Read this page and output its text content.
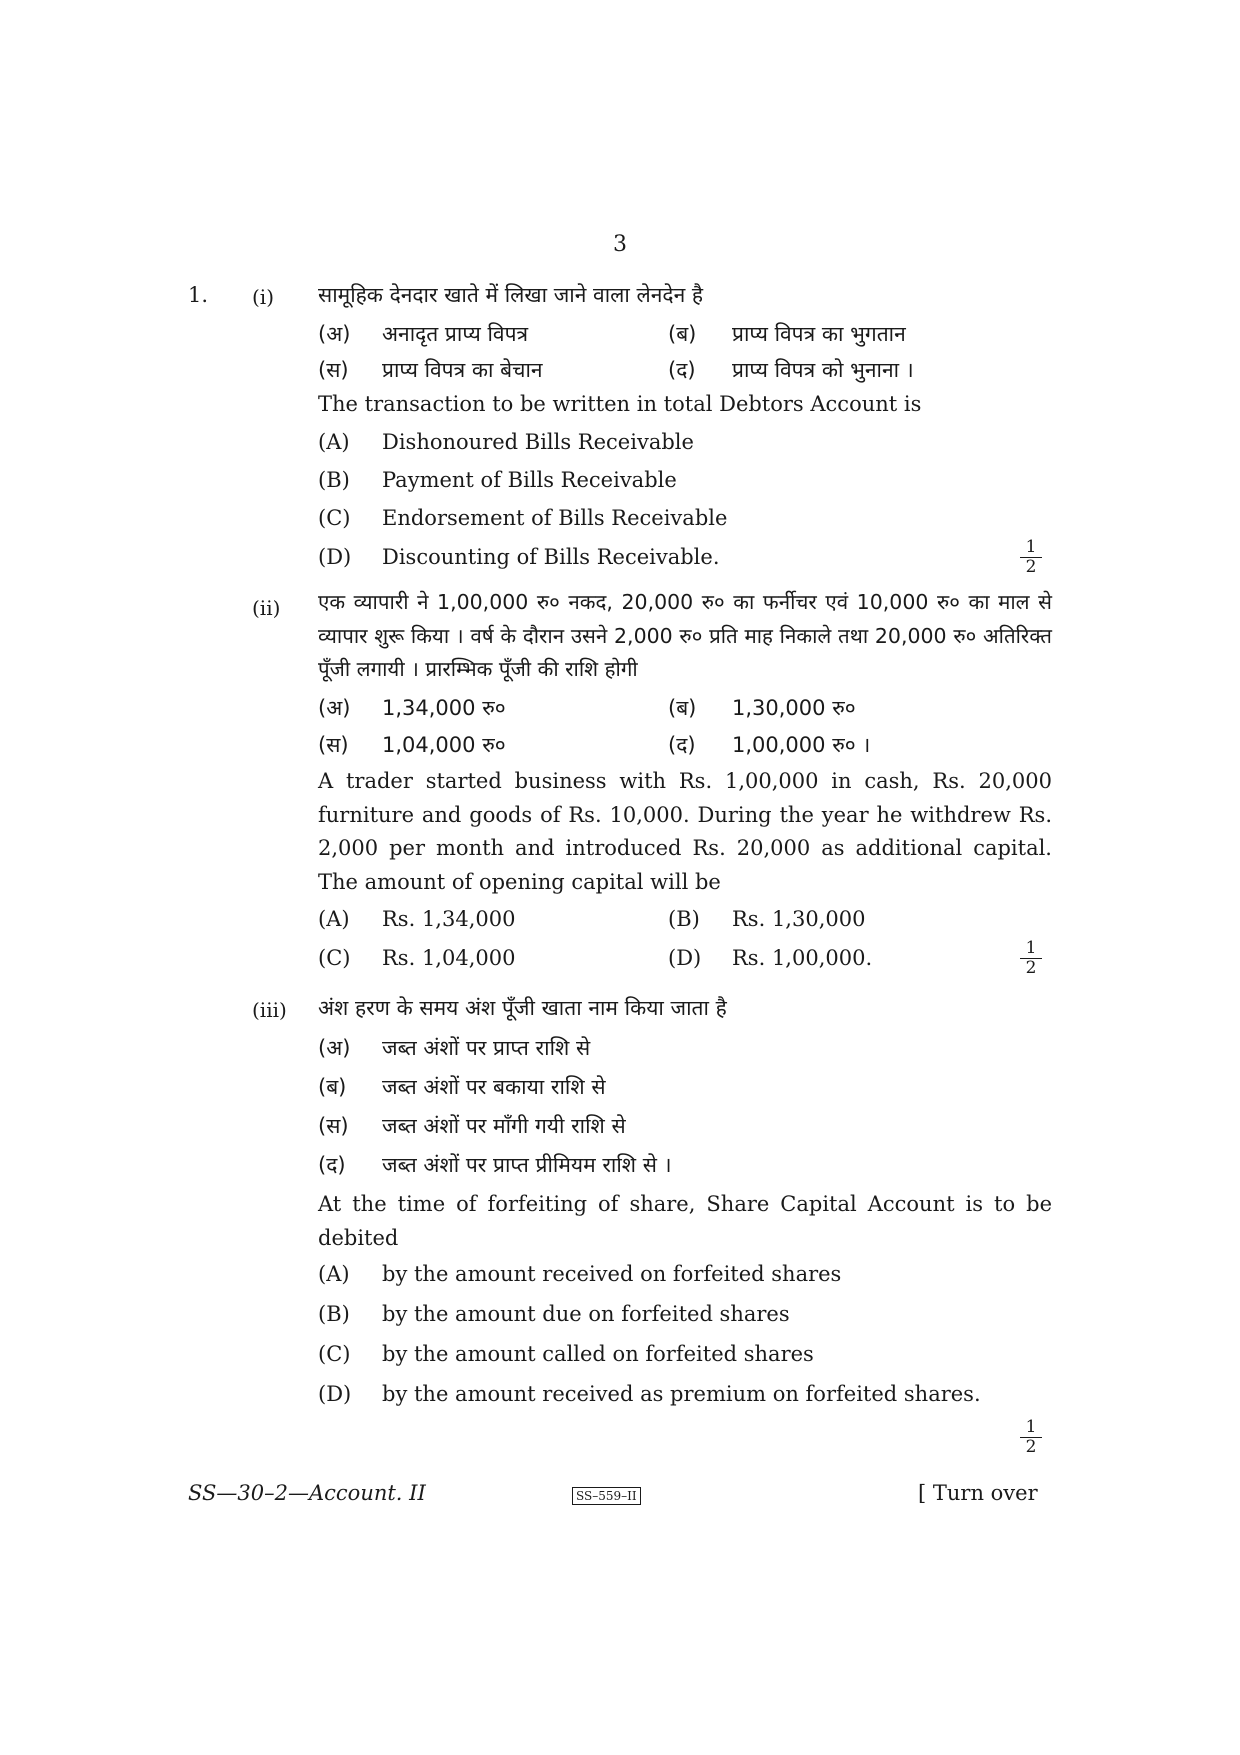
3
1. (i) सामूहिक देनदार खाते में लिखा जाने वाला लेनदेन है
(अ) अनादृत प्राप्य विपत्र	(ब) प्राप्य विपत्र का भुगतान
(स) प्राप्य विपत्र का बेचान	(द) प्राप्य विपत्र को भुनाना ।
The transaction to be written in total Debtors Account is
(A) Dishonoured Bills Receivable
(B) Payment of Bills Receivable
(C) Endorsement of Bills Receivable
(D) Discounting of Bills Receivable.	$\frac{1}{2}$
(ii) एक व्यापारी ने 1,00,000 रु० नकद, 20,000 रु० का फर्नीचर एवं 10,000 रु० का माल से व्यापार शुरू किया । वर्ष के दौरान उसने 2,000 रु० प्रति माह निकाले तथा 20,000 रु० अतिरिक्त पूँजी लगायी । प्रारम्भिक पूँजी की राशि होगी
(अ) 1,34,000 रु०	(ब) 1,30,000 रु०
(स) 1,04,000 रु०	(द) 1,00,000 रु० ।
A trader started business with Rs. 1,00,000 in cash, Rs. 20,000 furniture and goods of Rs. 10,000. During the year he withdrew Rs. 2,000 per month and introduced Rs. 20,000 as additional capital. The amount of opening capital will be
(A) Rs. 1,34,000	(B) Rs. 1,30,000
(C) Rs. 1,04,000	(D) Rs. 1,00,000.	$\frac{1}{2}$
(iii) अंश हरण के समय अंश पूँजी खाता नाम किया जाता है
(अ) जब्त अंशों पर प्राप्त राशि से
(ब) जब्त अंशों पर बकाया राशि से
(स) जब्त अंशों पर माँगी गयी राशि से
(द) जब्त अंशों पर प्राप्त प्रीमियम राशि से ।
At the time of forfeiting of share, Share Capital Account is to be debited
(A) by the amount received on forfeited shares
(B) by the amount due on forfeited shares
(C) by the amount called on forfeited shares
(D) by the amount received as premium on forfeited shares.
$\frac{1}{2}$
SS—30–2—Account. II	SS–559–II	[ Turn over
